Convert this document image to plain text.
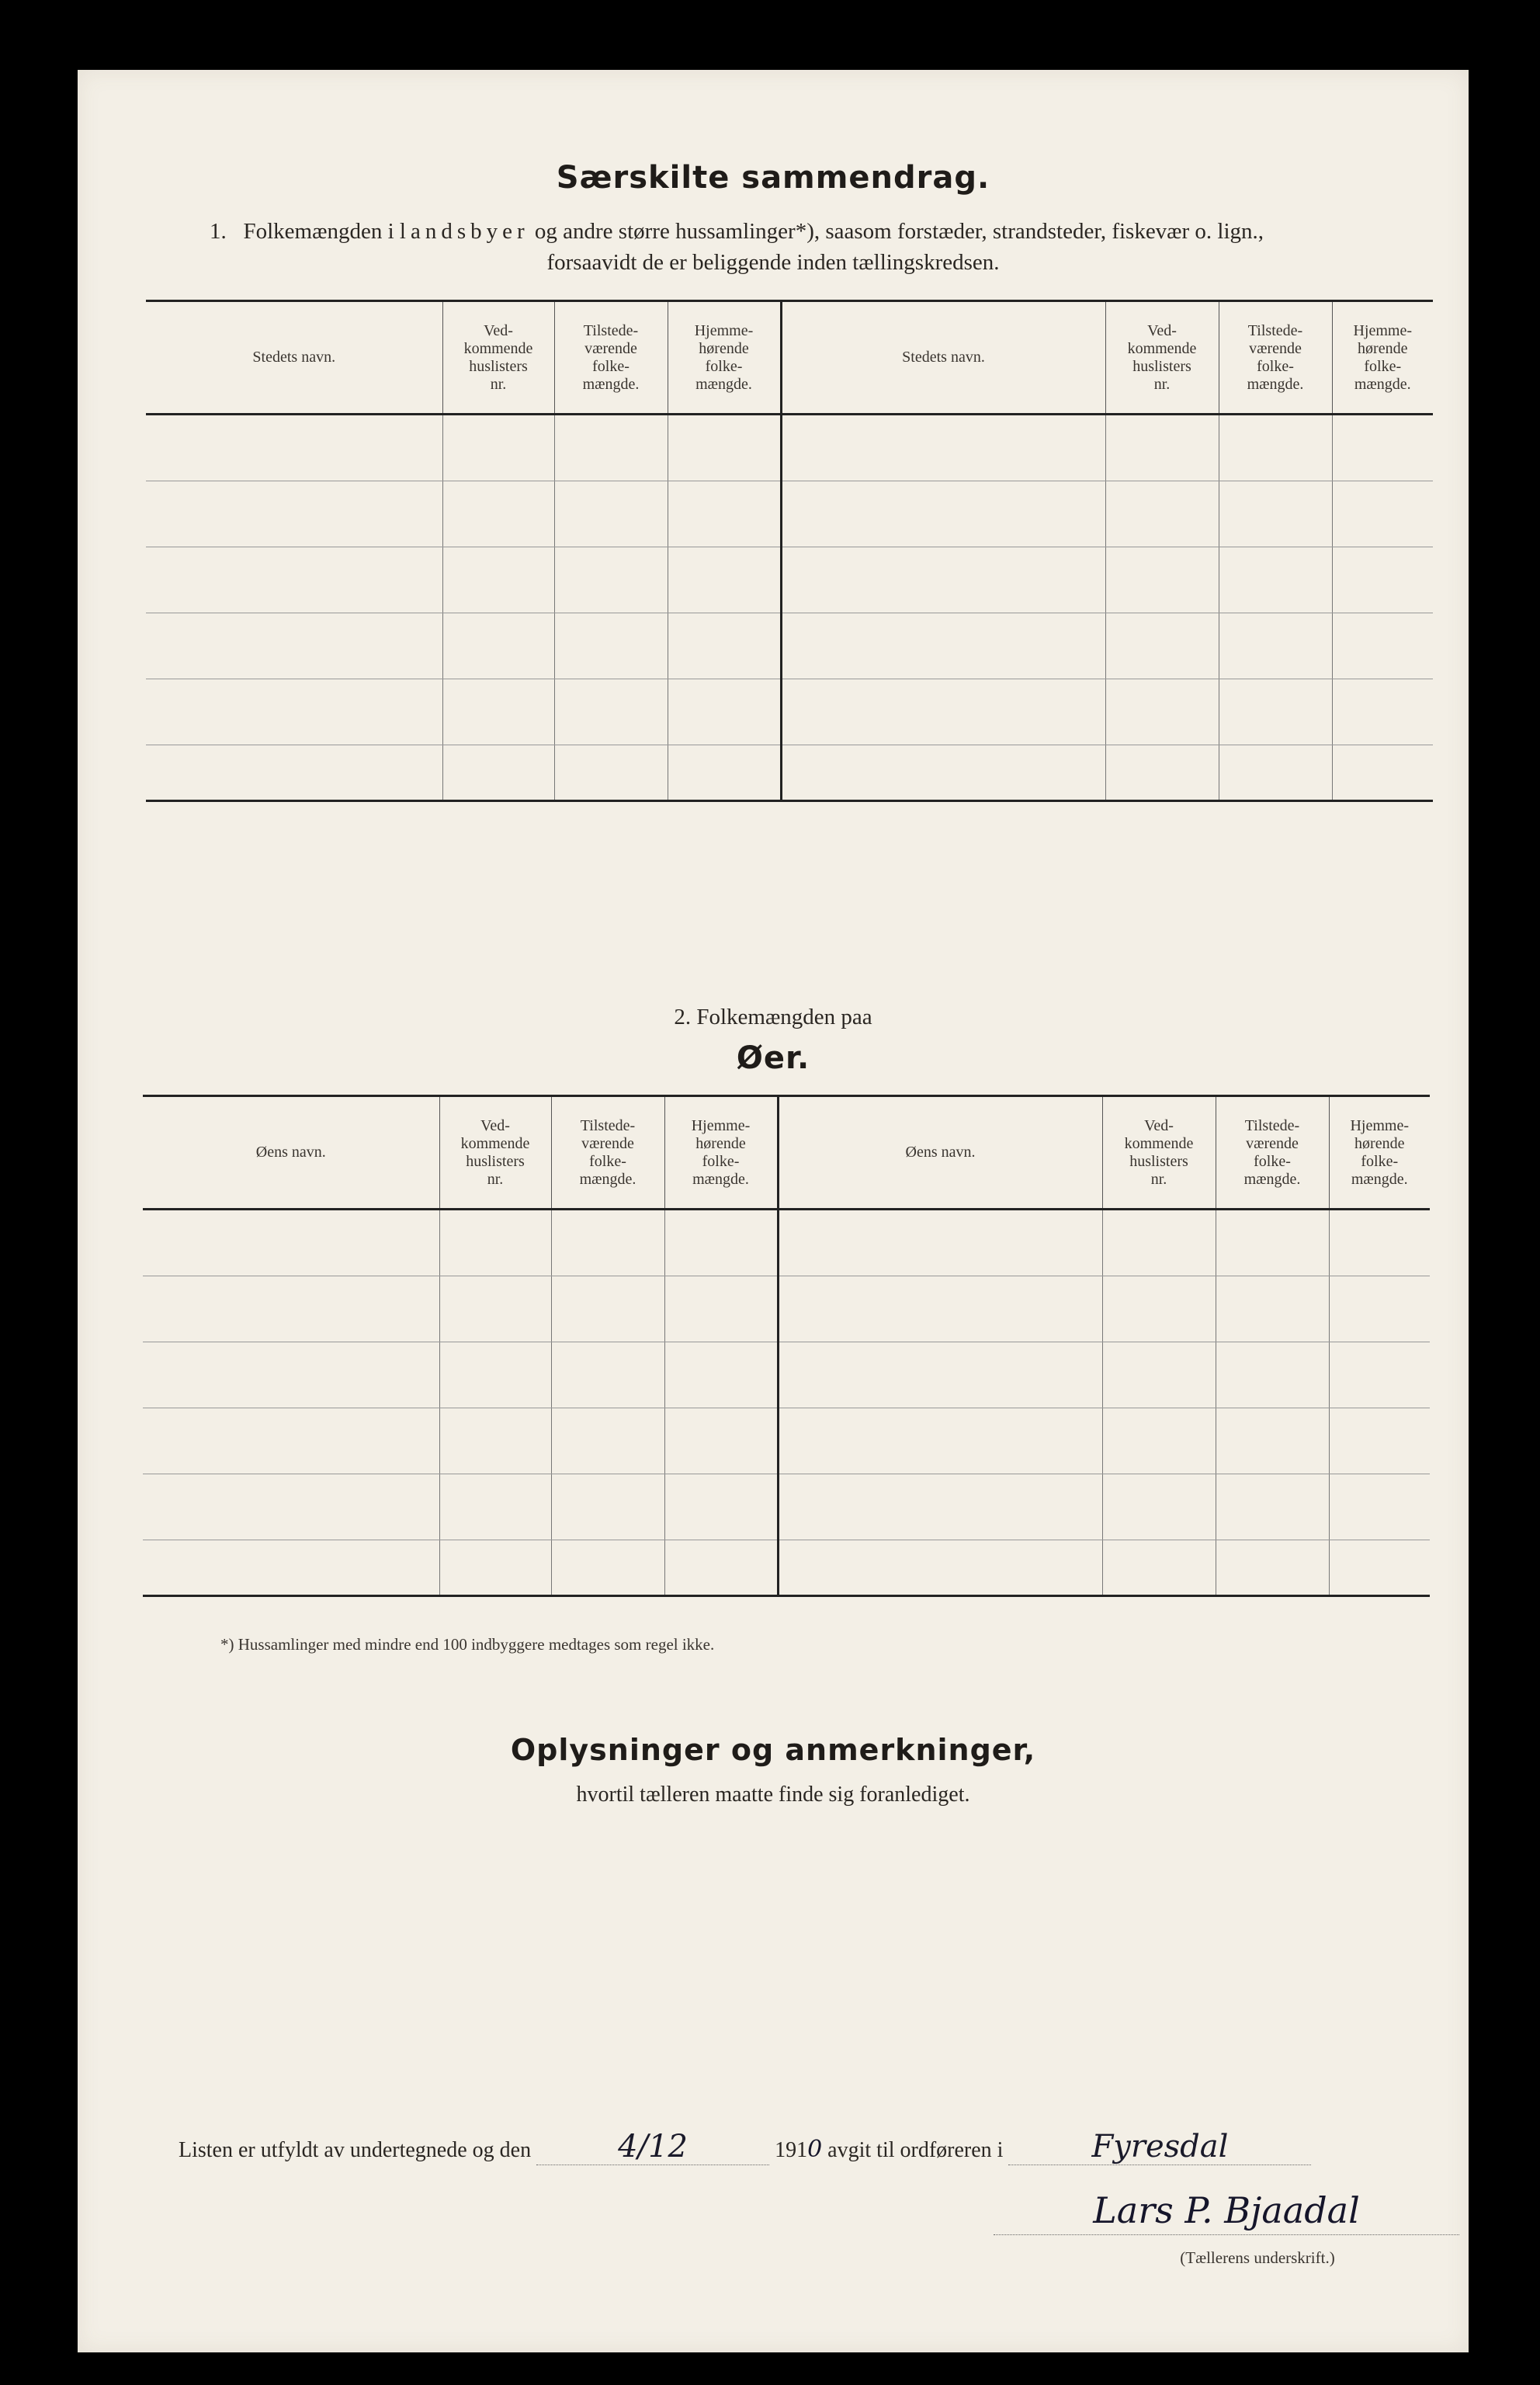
Særskilte sammendrag.
1. Folkemængden i landsbyer og andre større hussamlinger*), saasom forstæder, strandsteder, fiskevær o. lign.,
forsaavidt de er beliggende inden tællingskredsen.
Stedets navn.	Ved-
kommende
huslisters
nr.	Tilstede-
værende
folke-
mængde.	Hjemme-
hørende
folke-
mængde.	Stedets navn.	Ved-
kommende
huslisters
nr.	Tilstede-
værende
folke-
mængde.	Hjemme-
hørende
folke-
mængde.

2. Folkemængden paa
Øer.
Øens navn.	Ved-
kommende
huslisters
nr.	Tilstede-
værende
folke-
mængde.	Hjemme-
hørende
folke-
mængde.	Øens navn.	Ved-
kommende
huslisters
nr.	Tilstede-
værende
folke-
mængde.	Hjemme-
hørende
folke-
mængde.

*) Hussamlinger med mindre end 100 indbyggere medtages som regel ikke.
Oplysninger og anmerkninger,
hvortil tælleren maatte finde sig foranlediget.
Listen er utfyldt av undertegnede og den	4/12	1910 avgit til ordføreren i	Fyresdal
Lars P. Bjaadal
(Tællerens underskrift.)
